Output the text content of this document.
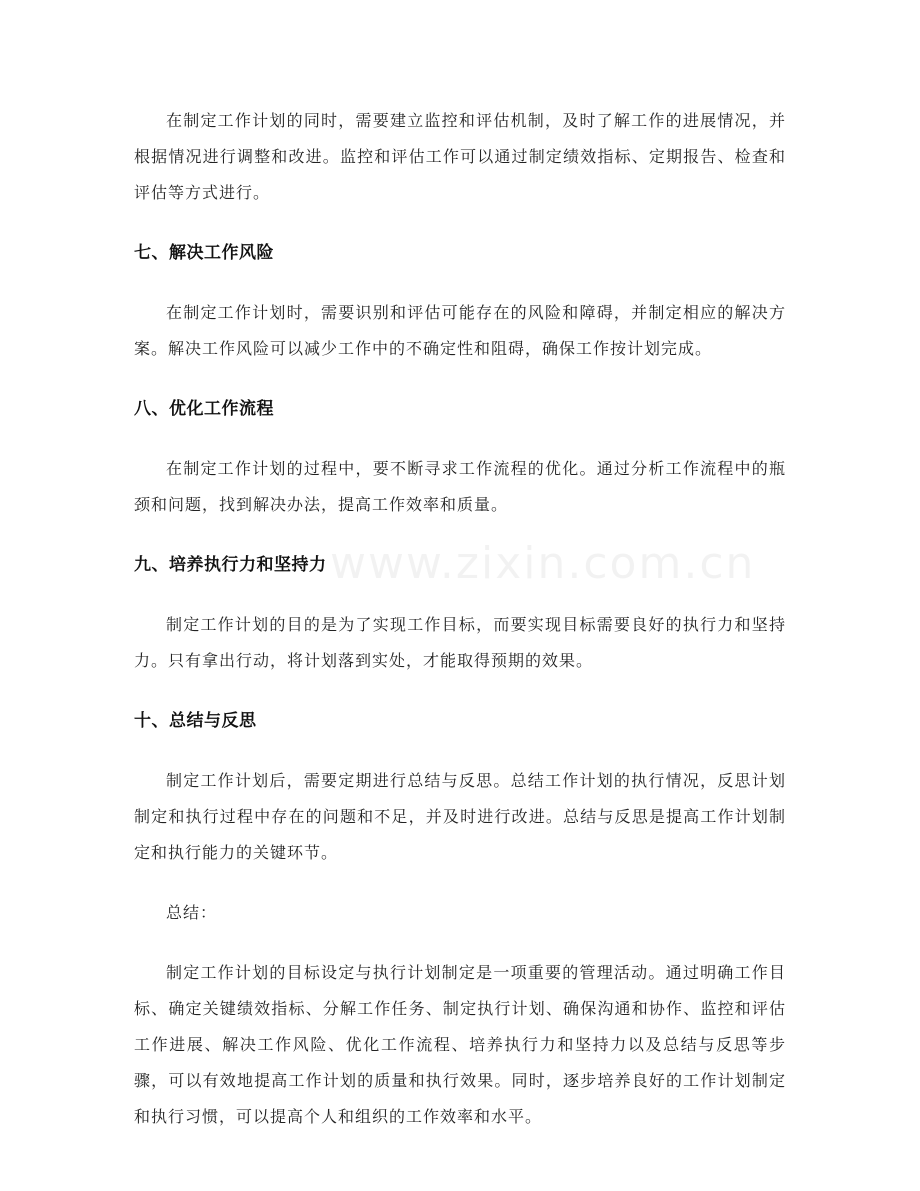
在制定工作计划的同时，需要建立监控和评估机制，及时了解工作的进展情况，并根据情况进行调整和改进。监控和评估工作可以通过制定绩效指标、定期报告、检查和评估等方式进行。

七、解决工作风险

在制定工作计划时，需要识别和评估可能存在的风险和障碍，并制定相应的解决方案。解决工作风险可以减少工作中的不确定性和阻碍，确保工作按计划完成。

八、优化工作流程

在制定工作计划的过程中，要不断寻求工作流程的优化。通过分析工作流程中的瓶颈和问题，找到解决办法，提高工作效率和质量。

九、培养执行力和坚持力

制定工作计划的目的是为了实现工作目标，而要实现目标需要良好的执行力和坚持力。只有拿出行动，将计划落到实处，才能取得预期的效果。

十、总结与反思

制定工作计划后，需要定期进行总结与反思。总结工作计划的执行情况，反思计划制定和执行过程中存在的问题和不足，并及时进行改进。总结与反思是提高工作计划制定和执行能力的关键环节。

总结：

制定工作计划的目标设定与执行计划制定是一项重要的管理活动。通过明确工作目标、确定关键绩效指标、分解工作任务、制定执行计划、确保沟通和协作、监控和评估工作进展、解决工作风险、优化工作流程、培养执行力和坚持力以及总结与反思等步骤，可以有效地提高工作计划的质量和执行效果。同时，逐步培养良好的工作计划制定和执行习惯，可以提高个人和组织的工作效率和水平。

www.zixin.com.cn
